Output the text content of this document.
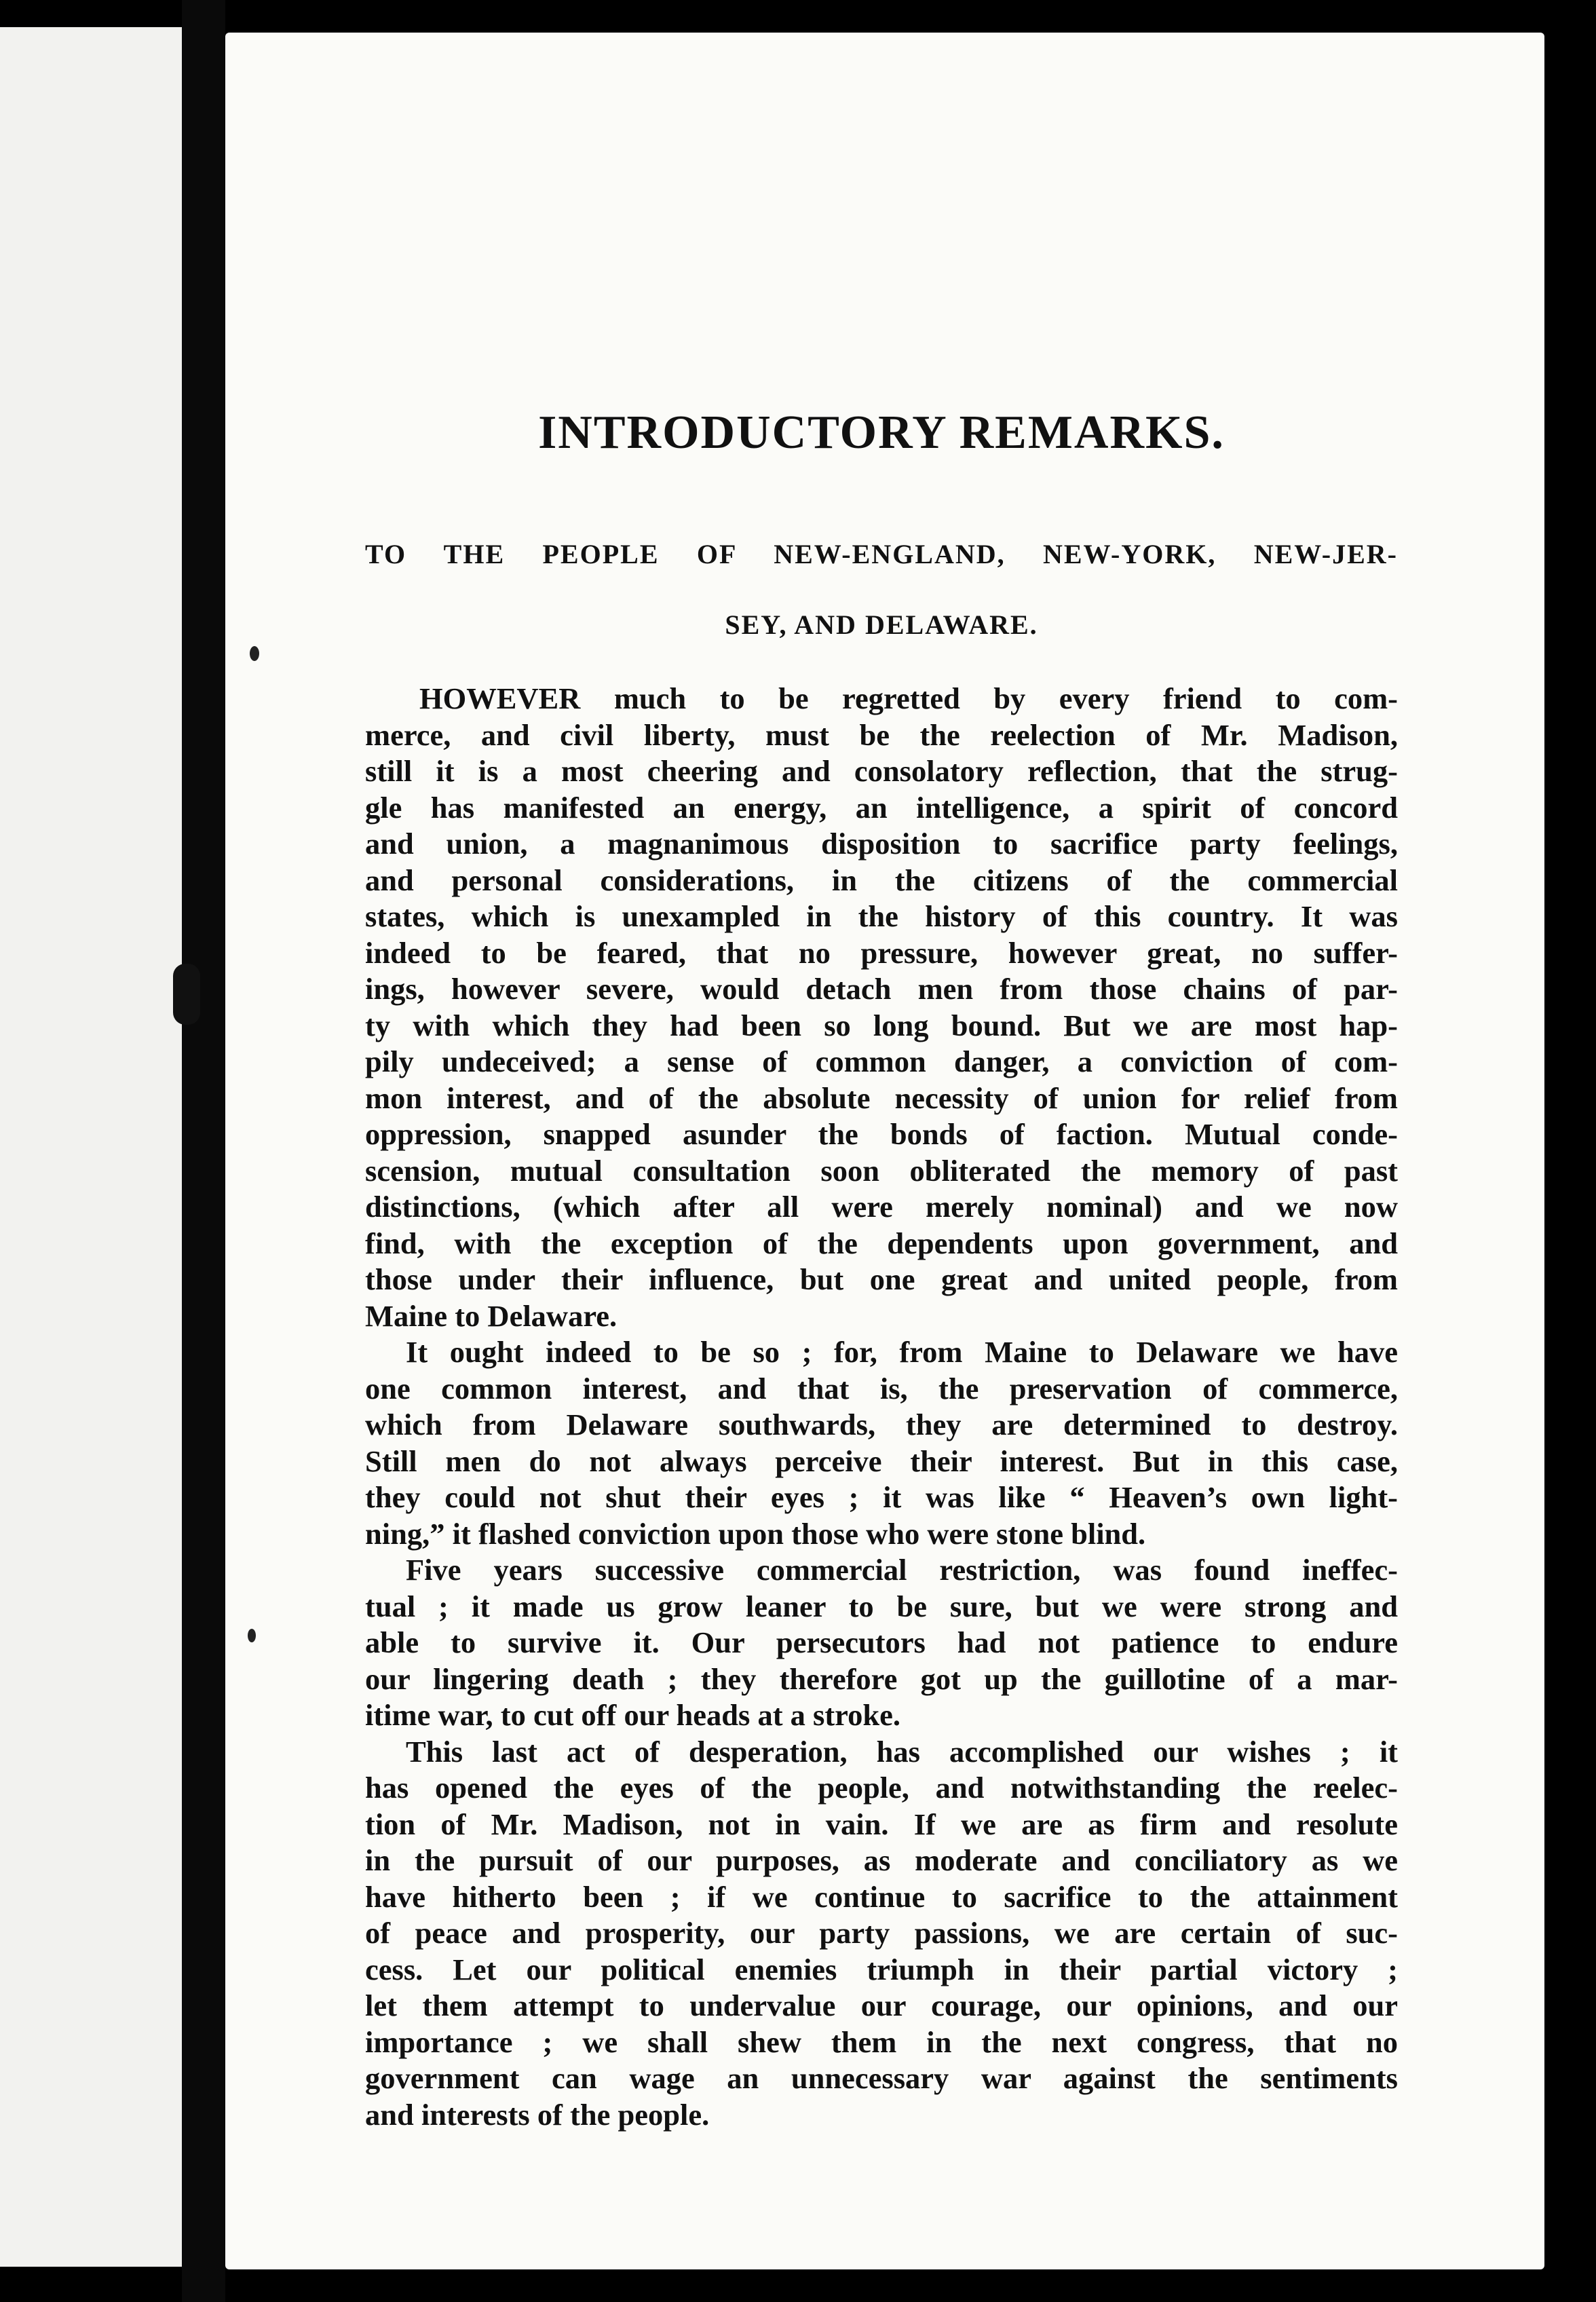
INTRODUCTORY REMARKS.
TO THE PEOPLE OF NEW-ENGLAND, NEW-YORK, NEW-JER-
SEY, AND DELAWARE.
HOWEVER much to be regretted by every friend to com-
merce, and civil liberty, must be the reelection of Mr. Madison,
still it is a most cheering and consolatory reflection, that the strug-
gle has manifested an energy, an intelligence, a spirit of concord
and union, a magnanimous disposition to sacrifice party feelings,
and personal considerations, in the citizens of the commercial
states, which is unexampled in the history of this country. It was
indeed to be feared, that no pressure, however great, no suffer-
ings, however severe, would detach men from those chains of par-
ty with which they had been so long bound. But we are most hap-
pily undeceived; a sense of common danger, a conviction of com-
mon interest, and of the absolute necessity of union for relief from
oppression, snapped asunder the bonds of faction. Mutual conde-
scension, mutual consultation soon obliterated the memory of past
distinctions, (which after all were merely nominal) and we now
find, with the exception of the dependents upon government, and
those under their influence, but one great and united people, from
Maine to Delaware.
It ought indeed to be so ; for, from Maine to Delaware we have
one common interest, and that is, the preservation of commerce,
which from Delaware southwards, they are determined to destroy.
Still men do not always perceive their interest. But in this case,
they could not shut their eyes ; it was like “ Heaven’s own light-
ning,” it flashed conviction upon those who were stone blind.
Five years successive commercial restriction, was found ineffec-
tual ; it made us grow leaner to be sure, but we were strong and
able to survive it. Our persecutors had not patience to endure
our lingering death ; they therefore got up the guillotine of a mar-
itime war, to cut off our heads at a stroke.
This last act of desperation, has accomplished our wishes ; it
has opened the eyes of the people, and notwithstanding the reelec-
tion of Mr. Madison, not in vain. If we are as firm and resolute
in the pursuit of our purposes, as moderate and conciliatory as we
have hitherto been ; if we continue to sacrifice to the attainment
of peace and prosperity, our party passions, we are certain of suc-
cess. Let our political enemies triumph in their partial victory ;
let them attempt to undervalue our courage, our opinions, and our
importance ; we shall shew them in the next congress, that no
government can wage an unnecessary war against the sentiments
and interests of the people.
